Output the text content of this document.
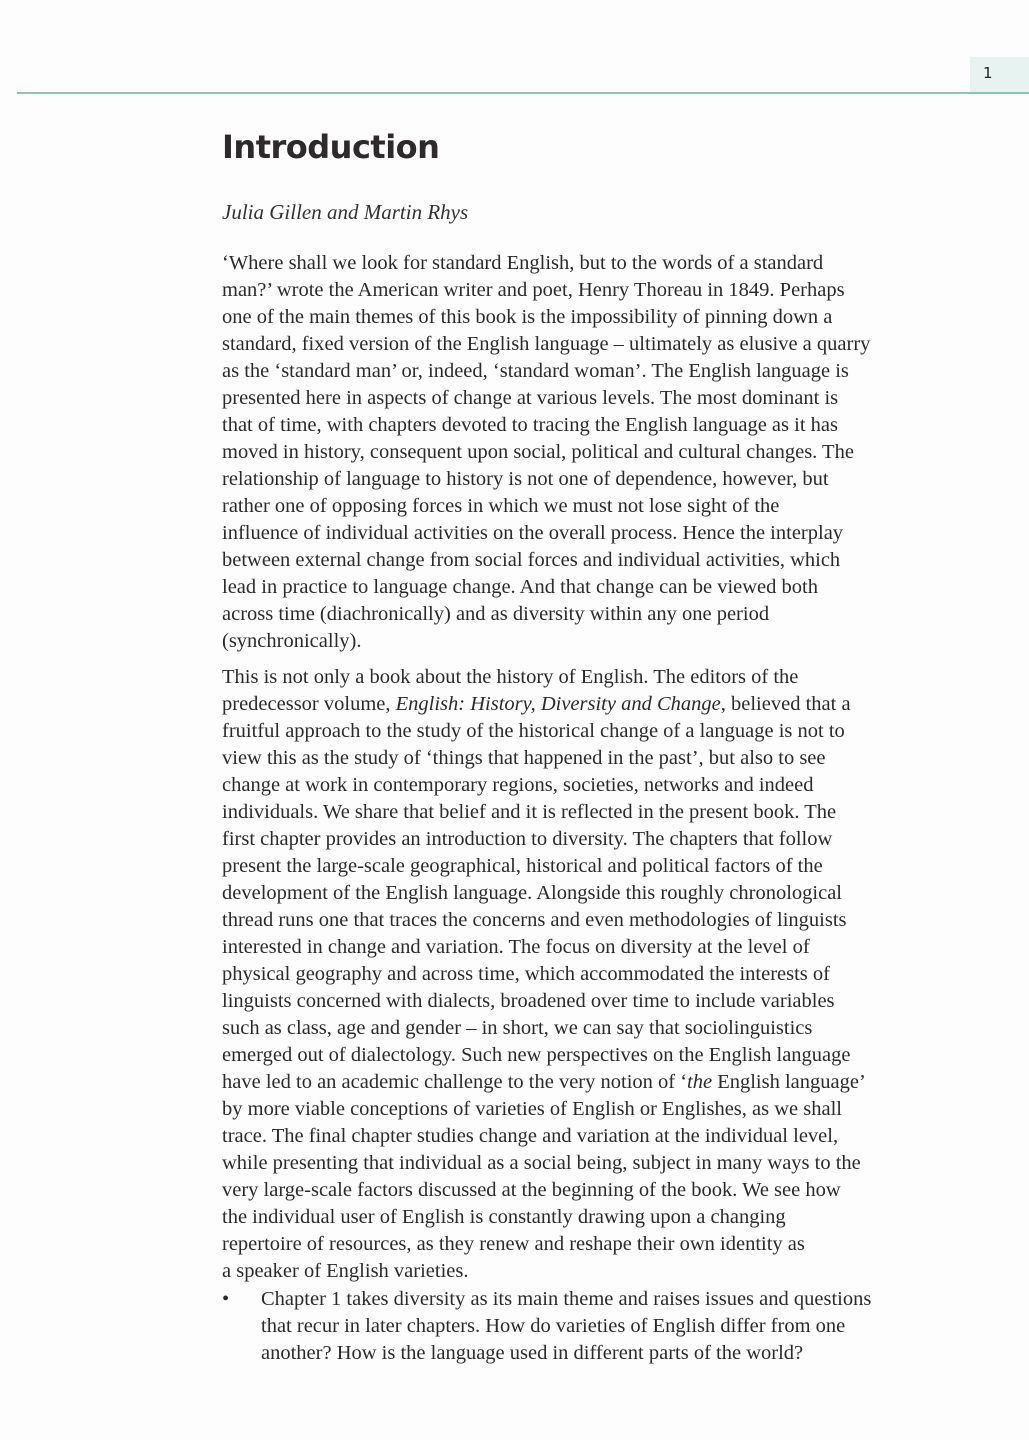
1
Introduction
Julia Gillen and Martin Rhys
‘Where shall we look for standard English, but to the words of a standard
man?’ wrote the American writer and poet, Henry Thoreau in 1849. Perhaps
one of the main themes of this book is the impossibility of pinning down a
standard, fixed version of the English language – ultimately as elusive a quarry
as the ‘standard man’ or, indeed, ‘standard woman’. The English language is
presented here in aspects of change at various levels. The most dominant is
that of time, with chapters devoted to tracing the English language as it has
moved in history, consequent upon social, political and cultural changes. The
relationship of language to history is not one of dependence, however, but
rather one of opposing forces in which we must not lose sight of the
influence of individual activities on the overall process. Hence the interplay
between external change from social forces and individual activities, which
lead in practice to language change. And that change can be viewed both
across time (diachronically) and as diversity within any one period
(synchronically).
This is not only a book about the history of English. The editors of the
predecessor volume, English: History, Diversity and Change, believed that a
fruitful approach to the study of the historical change of a language is not to
view this as the study of ‘things that happened in the past’, but also to see
change at work in contemporary regions, societies, networks and indeed
individuals. We share that belief and it is reflected in the present book. The
first chapter provides an introduction to diversity. The chapters that follow
present the large-scale geographical, historical and political factors of the
development of the English language. Alongside this roughly chronological
thread runs one that traces the concerns and even methodologies of linguists
interested in change and variation. The focus on diversity at the level of
physical geography and across time, which accommodated the interests of
linguists concerned with dialects, broadened over time to include variables
such as class, age and gender – in short, we can say that sociolinguistics
emerged out of dialectology. Such new perspectives on the English language
have led to an academic challenge to the very notion of ‘the English language’
by more viable conceptions of varieties of English or Englishes, as we shall
trace. The final chapter studies change and variation at the individual level,
while presenting that individual as a social being, subject in many ways to the
very large-scale factors discussed at the beginning of the book. We see how
the individual user of English is constantly drawing upon a changing
repertoire of resources, as they renew and reshape their own identity as
a speaker of English varieties.
• Chapter 1 takes diversity as its main theme and raises issues and questions
that recur in later chapters. How do varieties of English differ from one
another? How is the language used in different parts of the world?
